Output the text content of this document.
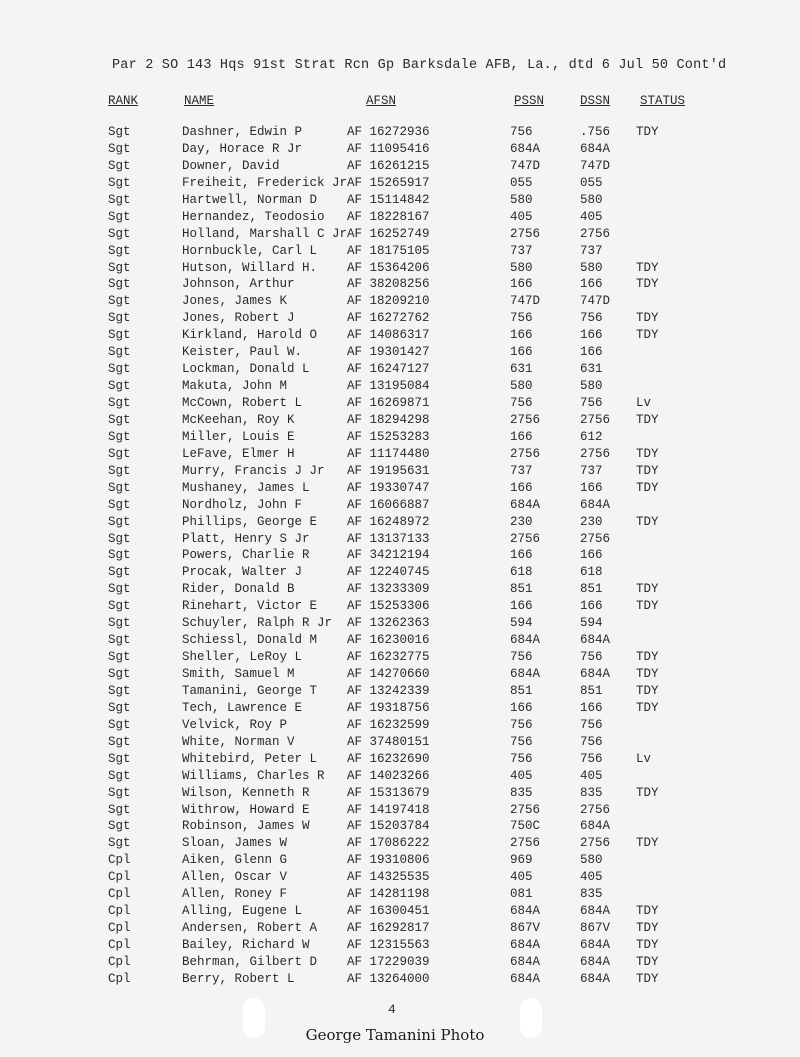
Par 2 SO 143 Hqs 91st Strat Rcn Gp Barksdale AFB, La., dtd 6 Jul 50 Cont'd
RANK	NAME	AFSN	PSSN	DSSN STATUS
Sgt	Dashner, Edwin P	AF 16272936	756	.756 TDY
Sgt	Day, Horace R Jr	AF 11095416	684A	684A
Sgt	Downer, David	AF 16261215	747D	747D
Sgt	Freiheit, Frederick Jr AF 15265917	055	055
Sgt	Hartwell, Norman D AF 15114842	580	580
Sgt	Hernandez, Teodosio AF 18228167	405	405
Sgt	Holland, Marshall C Jr AF 16252749	2756	2756
Sgt	Hornbuckle, Carl L AF 18175105	737	737
Sgt	Hutson, Willard H. AF 15364206	580	580	TDY
Sgt	Johnson, Arthur	AF 38208256	166	166	TDY
Sgt	Jones, James K	AF 18209210	747D	747D
Sgt	Jones, Robert J	AF 16272762	756	756	TDY
Sgt	Kirkland, Harold O AF 14086317	166	166	TDY
Sgt	Keister, Paul W.	AF 19301427	166	166
Sgt	Lockman, Donald L	AF 16247127	631	631
Sgt	Makuta, John M	AF 13195084	580	580
Sgt	McCown, Robert L	AF 16269871	756	756	Lv
Sgt	McKeehan, Roy K	AF 18294298	2756	2756 TDY
Sgt	Miller, Louis E	AF 15253283	166	612
Sgt	LeFave, Elmer H	AF 11174480	2756	2756 TDY
Sgt	Murry, Francis J Jr AF 19195631	737	737	TDY
Sgt	Mushaney, James L	AF 19330747	166	166	TDY
Sgt	Nordholz, John F	AF 16066887	684A	684A
Sgt	Phillips, George E AF 16248972	230	230	TDY
Sgt	Platt, Henry S Jr	AF 13137133	2756	2756
Sgt	Powers, Charlie R	AF 34212194	166	166
Sgt	Procak, Walter J	AF 12240745	618	618
Sgt	Rider, Donald B	AF 13233309	851	851	TDY
Sgt	Rinehart, Victor E AF 15253306	166	166	TDY
Sgt	Schuyler, Ralph R Jr AF 13262363	594	594
Sgt	Schiessl, Donald M AF 16230016	684A	684A
Sgt	Sheller, LeRoy L	AF 16232775	756	756	TDY
Sgt	Smith, Samuel M	AF 14270660	684A	684A TDY
Sgt	Tamanini, George T AF 13242339	851	851	TDY
Sgt	Tech, Lawrence E	AF 19318756	166	166	TDY
Sgt	Velvick, Roy P	AF 16232599	756	756
Sgt	White, Norman V	AF 37480151	756	756
Sgt	Whitebird, Peter L AF 16232690	756	756	Lv
Sgt	Williams, Charles R AF 14023266	405	405
Sgt	Wilson, Kenneth R	AF 15313679	835	835	TDY
Sgt	Withrow, Howard E	AF 14197418	2756	2756
Sgt	Robinson, James W	AF 15203784	750C	684A
Sgt	Sloan, James W	AF 17086222	2756	2756 TDY
Cpl	Aiken, Glenn G	AF 19310806	969	580
Cpl	Allen, Oscar V	AF 14325535	405	405
Cpl	Allen, Roney F	AF 14281198	081	835
Cpl	Alling, Eugene L	AF 16300451	684A	684A TDY
Cpl	Andersen, Robert A AF 16292817	867V	867V TDY
Cpl	Bailey, Richard W	AF 12315563	684A	684A TDY
Cpl	Behrman, Gilbert D AF 17229039	684A	684A TDY
Cpl	Berry, Robert L	AF 13264000	684A	684A TDY
4
George Tamanini Photo
